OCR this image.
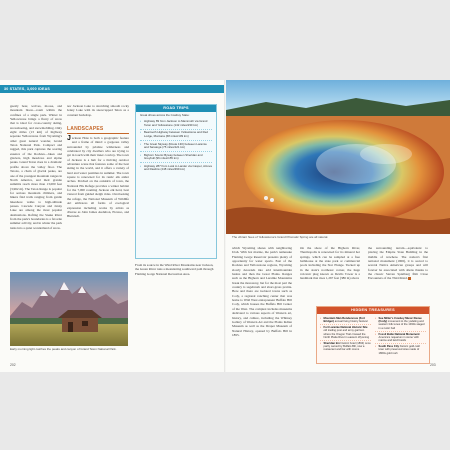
30 STATES, 3,000 IDEAS

geezly bear, wolves, moose, and mountain bison—roam within the confines of a single park. Winter in Yellowstone brings a flurry of snow that is ideal for cross-country skiing, snowshoeing, and snowmobiling. Only eight miles (13 km) of highway separate Yellowstone from Wyoming's other great natural wonder, Grand Teton National Park. Compact and rugged, this park captures the soaring essence of the Rockies—lakes and glaciers, high meadows and alpine peaks. Grand Teton rises in a dramatic profile above the valley floor. The Tetons, a chain of glacial peaks, are one of the youngest mountain ranges in North America, and their granite summits reach more than 13,000 feet (3,962 m). The Teton Range is popular for serious mountain climbers, and hikers find trails ranging from gentle lakeshore walks to high-altitude passes. Cascade Canyon and Jenny Lake are among the most popular destinations. Rafting the Snake River from the park's boundaries is a favorite summer activity, and in winter the park turns into a quiet wonderland of snow.

nor Jackson Lake to stretching smooth rocky Jenny Lake with its snowcapped Teton as a constant backdrop.

LANDSCAPES

Jackson Hole is both a geographic feature and a frame of mind: a gorgeous valley surrounded by pristine wilderness and celebrated by city dwellers who are trying to get in touch with their inner cowboy. The town of Jackson is a hub for a thriving outdoor adventure scene that features some of the best skiing in the world, and it offers a variety of land and water pastimes in summer. The town square is renowned for its rustic elk antler arches. Perched on the outskirts of town, the National Elk Refuge provides a winter habitat for the 7,000 roaming Jackson elk herd, best viewed from guided sleigh rides. Overlooking the refuge, the National Museum of Wildlife Art embraces all forms of zoological expression including works by artists as diverse as John James Audubon, Picasso, and Bierstadt.

ROAD TRIPS
Great drives across the Cowboy State:
• Highway 89 from Jackson to Mammoth via Grand Teton and Yellowstone (142 miles/230 km)
• Beartooth Highway between Yellowstone and Red Lodge, Montana (68 miles/109 km)
• The Great Skyway (Route 130) between Laramie and Saratoga (75 miles/121 km)
• Bighorn Scenic Byway between Sheridan and Greybull (96 miles/155 km)
• Highway 287 from Lusk to Lander via Casper, Alcova and Rawlins (248 miles/399 km)

From its source in the Wind River Mountains near Jackson, the Green River runs a meandering southward path through Flaming Gorge National Recreation Area.

Early morning light catches the peaks and canyon of Grand Teton National Park.

202

The vibrant hues of Yellowstone's Grand Prismatic Spring are all natural.

which Wyoming shares with neighboring Utah. With hot marine, the park's namesake Flaming Gorge Reservoir presents plenty of opportunity for water sports. East of the Rockies and Yellowstone regions, Wyoming slowly descends into arid intermountain basins and then the Great Plains. Ranges such as the Bighorn and Laramie Mountains break the monotony, but for the most part the country is sagebrush and short-grass prairie. Here and there are isolated towns such as Cody, a regional ranching center that was home to Wild West entrepreneur Buffalo Bill Cody, which houses the Buffalo Bill Center of the West. The complex includes museums dedicated to various aspects of Western art, history, and culture, including the Whitney Gallery of Western Art and the Plains Indian Museum as well as the Draper Museum of Natural History, opened by Buffalo Bill in 1895.

On the shore of the Bighorn River, Thermopolis is renowned for its mineral hot springs, which can be sampled at a free bathhouse at the state park or commercial pools including the Star Plunge. Tucked up in the state's northeast corner, the huge volcanic plug known as Devils Tower is a landmark that rises 1,267 feet (386 m) above

the surrounding terrain—equivalent to placing the Empire State Building in the middle of nowhere. The nation's first national monument (1906), it is sacred to several Native American groups and will forever be associated with aliens thanks to the classic Steven Spielberg film Close Encounters of the Third Kind.

HIDDEN TREASURES
• Mountain Man Rendezvous (Fort Bridger) annual living history festival
• Fort Laramie National Historic Site old trading post and army garrison where the Oregon Trail crossed the North Platte River in eastern Wyoming
• Sheridan Inn historic hotel (1893) once partly owned by Buffalo Bill, now a restaurant and bar with rooms
• Sue Miller's Cowboy Music Revue (Cody) movement to the yodeling and western folk tunes of the 1930s staged in a rustic hall
• Fossil Butte National Monument America's 'aquarium in stone' with marine and land fossils
• South Pass City historic gold-rush town with preserved sites made of 1860s gold rush
203
